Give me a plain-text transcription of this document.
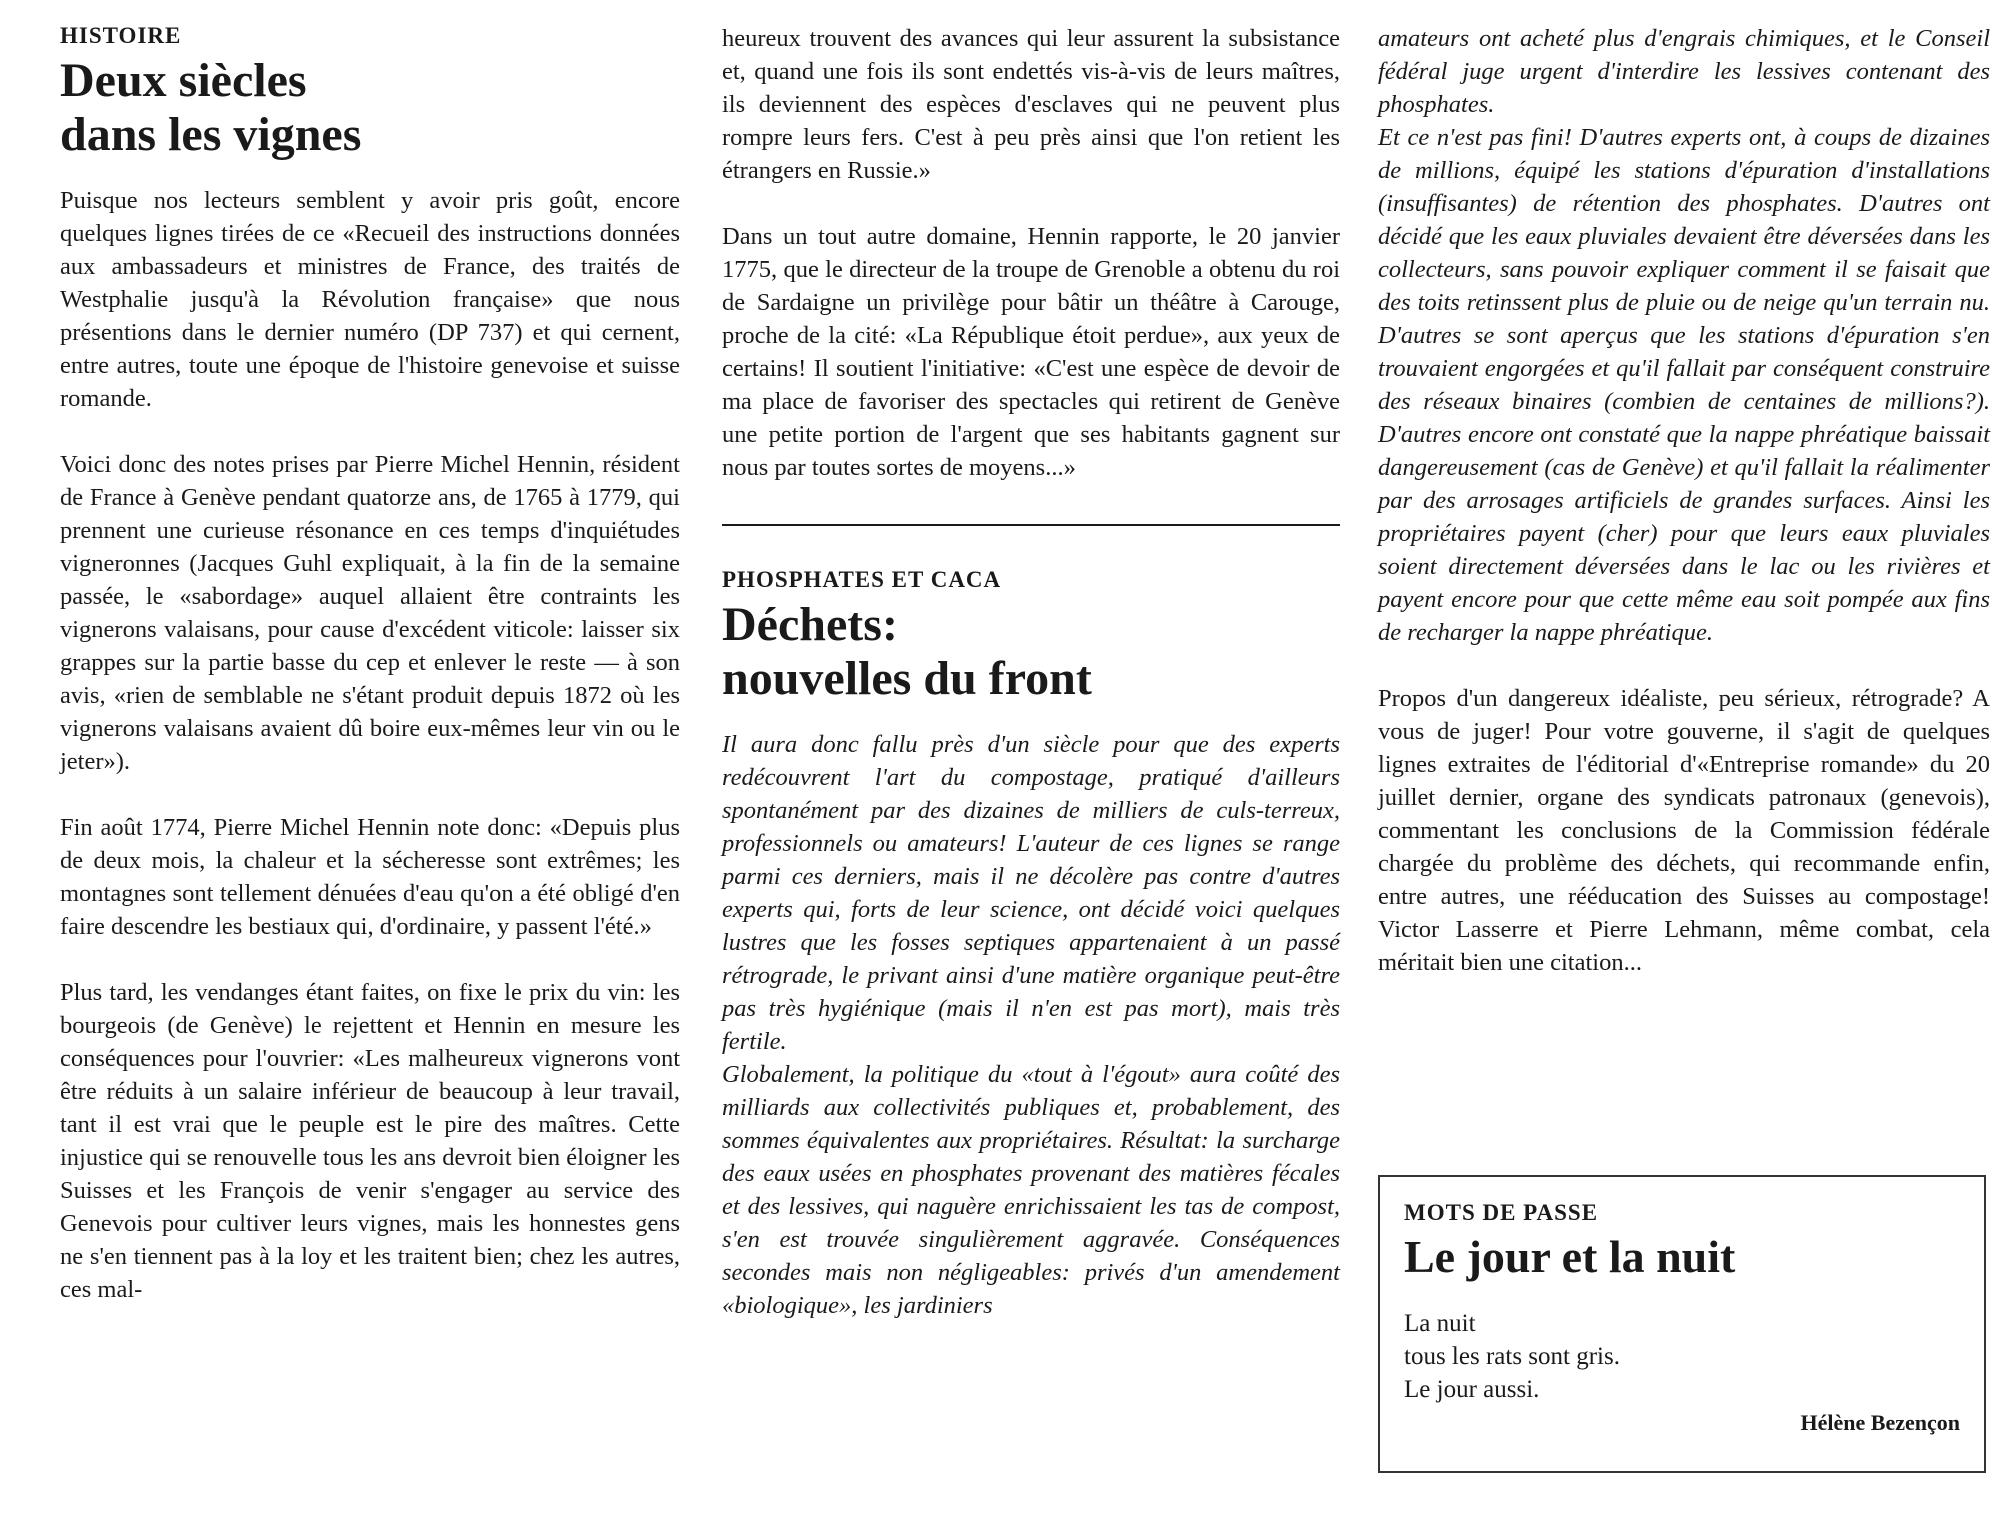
HISTOIRE
Deux siècles
dans les vignes

Puisque nos lecteurs semblent y avoir pris goût, encore quelques lignes tirées de ce «Recueil des instructions données aux ambassadeurs et ministres de France, des traités de Westphalie jusqu'à la Révolution française» que nous présentions dans le dernier numéro (DP 737) et qui cernent, entre autres, toute une époque de l'histoire genevoise et suisse romande.

Voici donc des notes prises par Pierre Michel Hennin, résident de France à Genève pendant quatorze ans, de 1765 à 1779, qui prennent une curieuse résonance en ces temps d'inquiétudes vigneronnes (Jacques Guhl expliquait, à la fin de la semaine passée, le «sabordage» auquel allaient être contraints les vignerons valaisans, pour cause d'excédent viticole: laisser six grappes sur la partie basse du cep et enlever le reste — à son avis, «rien de semblable ne s'étant produit depuis 1872 où les vignerons valaisans avaient dû boire eux-mêmes leur vin ou le jeter»).

Fin août 1774, Pierre Michel Hennin note donc: «Depuis plus de deux mois, la chaleur et la sécheresse sont extrêmes; les montagnes sont tellement dénuées d'eau qu'on a été obligé d'en faire descendre les bestiaux qui, d'ordinaire, y passent l'été.»

Plus tard, les vendanges étant faites, on fixe le prix du vin: les bourgeois (de Genève) le rejettent et Hennin en mesure les conséquences pour l'ouvrier: «Les malheureux vignerons vont être réduits à un salaire inférieur de beaucoup à leur travail, tant il est vrai que le peuple est le pire des maîtres. Cette injustice qui se renouvelle tous les ans devroit bien éloigner les Suisses et les François de venir s'engager au service des Genevois pour cultiver leurs vignes, mais les honnestes gens ne s'en tiennent pas à la loy et les traitent bien; chez les autres, ces mal-

heureux trouvent des avances qui leur assurent la subsistance et, quand une fois ils sont endettés vis-à-vis de leurs maîtres, ils deviennent des espèces d'esclaves qui ne peuvent plus rompre leurs fers. C'est à peu près ainsi que l'on retient les étrangers en Russie.»

Dans un tout autre domaine, Hennin rapporte, le 20 janvier 1775, que le directeur de la troupe de Grenoble a obtenu du roi de Sardaigne un privilège pour bâtir un théâtre à Carouge, proche de la cité: «La République étoit perdue», aux yeux de certains! Il soutient l'initiative: «C'est une espèce de devoir de ma place de favoriser des spectacles qui retirent de Genève une petite portion de l'argent que ses habitants gagnent sur nous par toutes sortes de moyens...»

PHOSPHATES ET CACA
Déchets:
nouvelles du front

Il aura donc fallu près d'un siècle pour que des experts redécouvrent l'art du compostage, pratiqué d'ailleurs spontanément par des dizaines de milliers de culs-terreux, professionnels ou amateurs! L'auteur de ces lignes se range parmi ces derniers, mais il ne décolère pas contre d'autres experts qui, forts de leur science, ont décidé voici quelques lustres que les fosses septiques appartenaient à un passé rétrograde, le privant ainsi d'une matière organique peut-être pas très hygiénique (mais il n'en est pas mort), mais très fertile.

Globalement, la politique du «tout à l'égout» aura coûté des milliards aux collectivités publiques et, probablement, des sommes équivalentes aux propriétaires. Résultat: la surcharge des eaux usées en phosphates provenant des matières fécales et des lessives, qui naguère enrichissaient les tas de compost, s'en est trouvée singulièrement aggravée. Conséquences secondes mais non négligeables: privés d'un amendement «biologique», les jardiniers

amateurs ont acheté plus d'engrais chimiques, et le Conseil fédéral juge urgent d'interdire les lessives contenant des phosphates.

Et ce n'est pas fini! D'autres experts ont, à coups de dizaines de millions, équipé les stations d'épuration d'installations (insuffisantes) de rétention des phosphates. D'autres ont décidé que les eaux pluviales devaient être déversées dans les collecteurs, sans pouvoir expliquer comment il se faisait que des toits retinssent plus de pluie ou de neige qu'un terrain nu. D'autres se sont aperçus que les stations d'épuration s'en trouvaient engorgées et qu'il fallait par conséquent construire des réseaux binaires (combien de centaines de millions?). D'autres encore ont constaté que la nappe phréatique baissait dangereusement (cas de Genève) et qu'il fallait la réalimenter par des arrosages artificiels de grandes surfaces. Ainsi les propriétaires payent (cher) pour que leurs eaux pluviales soient directement déversées dans le lac ou les rivières et payent encore pour que cette même eau soit pompée aux fins de recharger la nappe phréatique.

Propos d'un dangereux idéaliste, peu sérieux, rétrograde? A vous de juger! Pour votre gouverne, il s'agit de quelques lignes extraites de l'éditorial d'«Entreprise romande» du 20 juillet dernier, organe des syndicats patronaux (genevois), commentant les conclusions de la Commission fédérale chargée du problème des déchets, qui recommande enfin, entre autres, une rééducation des Suisses au compostage! Victor Lasserre et Pierre Lehmann, même combat, cela méritait bien une citation...

MOTS DE PASSE
Le jour et la nuit

La nuit

tous les rats sont gris.

Le jour aussi.

Hélène Bezençon
